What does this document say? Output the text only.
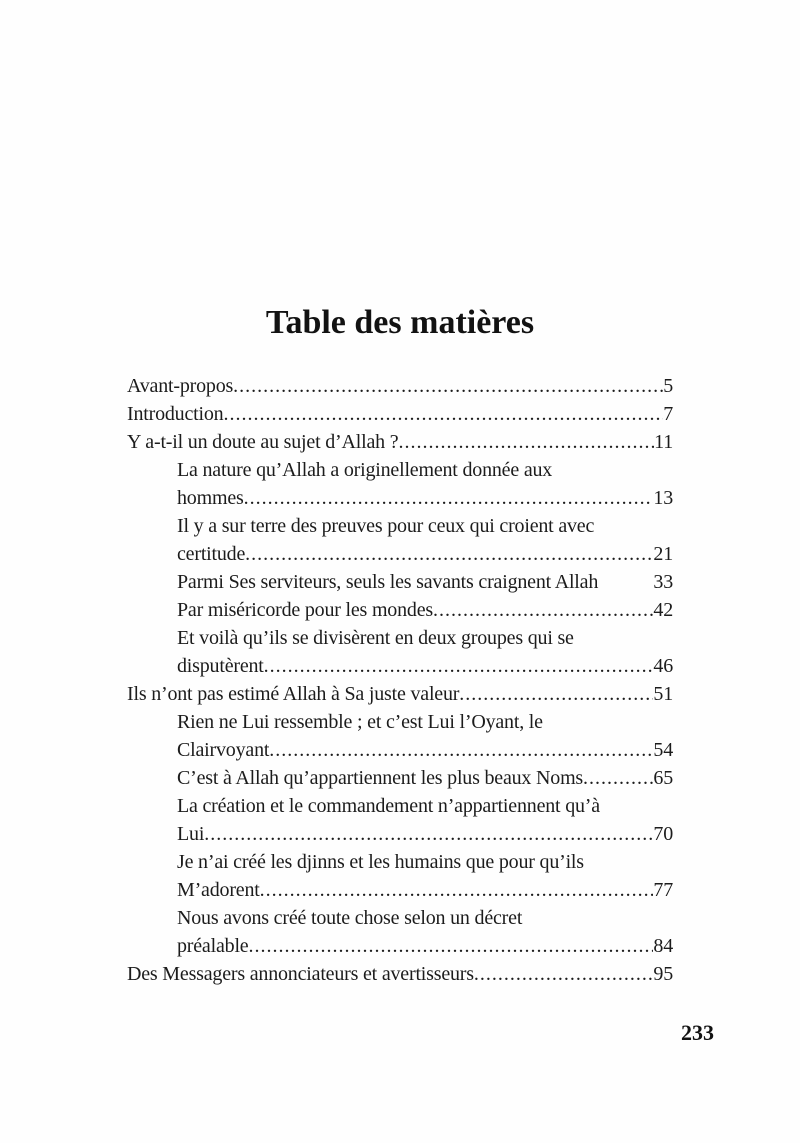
Table des matières
Avant-propos .....	5
Introduction .....	7
Y a-t-il un doute au sujet d’Allah ? .....	11
La nature qu’Allah a originellement donnée aux
hommes .....	13
Il y a sur terre des preuves pour ceux qui croient avec
certitude .....	21
Parmi Ses serviteurs, seuls les savants craignent Allah	33
Par miséricorde pour les mondes .....	42
Et voilà qu’ils se divisèrent en deux groupes qui se
disputèrent .....	46
Ils n’ont pas estimé Allah à Sa juste valeur .....	51
Rien ne Lui ressemble ; et c’est Lui l’Oyant, le
Clairvoyant .....	54
C’est à Allah qu’appartiennent les plus beaux Noms .....	65
La création et le commandement n’appartiennent qu’à
Lui .....	70
Je n’ai créé les djinns et les humains que pour qu’ils
M’adorent .....	77
Nous avons créé toute chose selon un décret
préalable .....	84
Des Messagers annonciateurs et avertisseurs .....	95
233
